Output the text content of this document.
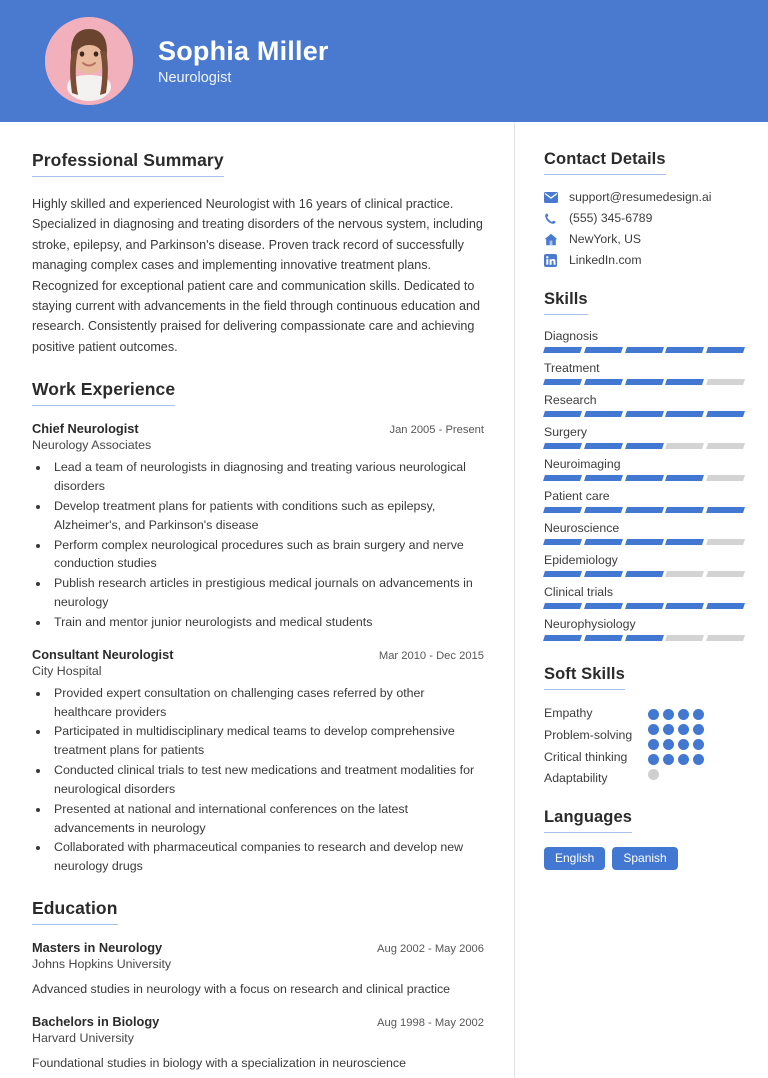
Sophia Miller
Neurologist
Professional Summary
Highly skilled and experienced Neurologist with 16 years of clinical practice. Specialized in diagnosing and treating disorders of the nervous system, including stroke, epilepsy, and Parkinson's disease. Proven track record of successfully managing complex cases and implementing innovative treatment plans. Recognized for exceptional patient care and communication skills. Dedicated to staying current with advancements in the field through continuous education and research. Consistently praised for delivering compassionate care and achieving positive patient outcomes.
Work Experience
Chief Neurologist	Jan 2005 - Present
Neurology Associates
• Lead a team of neurologists in diagnosing and treating various neurological disorders
• Develop treatment plans for patients with conditions such as epilepsy, Alzheimer's, and Parkinson's disease
• Perform complex neurological procedures such as brain surgery and nerve conduction studies
• Publish research articles in prestigious medical journals on advancements in neurology
• Train and mentor junior neurologists and medical students
Consultant Neurologist	Mar 2010 - Dec 2015
City Hospital
• Provided expert consultation on challenging cases referred by other healthcare providers
• Participated in multidisciplinary medical teams to develop comprehensive treatment plans for patients
• Conducted clinical trials to test new medications and treatment modalities for neurological disorders
• Presented at national and international conferences on the latest advancements in neurology
• Collaborated with pharmaceutical companies to research and develop new neurology drugs
Education
Masters in Neurology	Aug 2002 - May 2006
Johns Hopkins University
Advanced studies in neurology with a focus on research and clinical practice
Bachelors in Biology	Aug 1998 - May 2002
Harvard University
Foundational studies in biology with a specialization in neuroscience
Contact Details
support@resumedesign.ai
(555) 345-6789
NewYork, US
LinkedIn.com
Skills
Diagnosis
Treatment
Research
Surgery
Neuroimaging
Patient care
Neuroscience
Epidemiology
Clinical trials
Neurophysiology
Soft Skills
Empathy
Problem-solving
Critical thinking
Adaptability
Languages
English	Spanish
